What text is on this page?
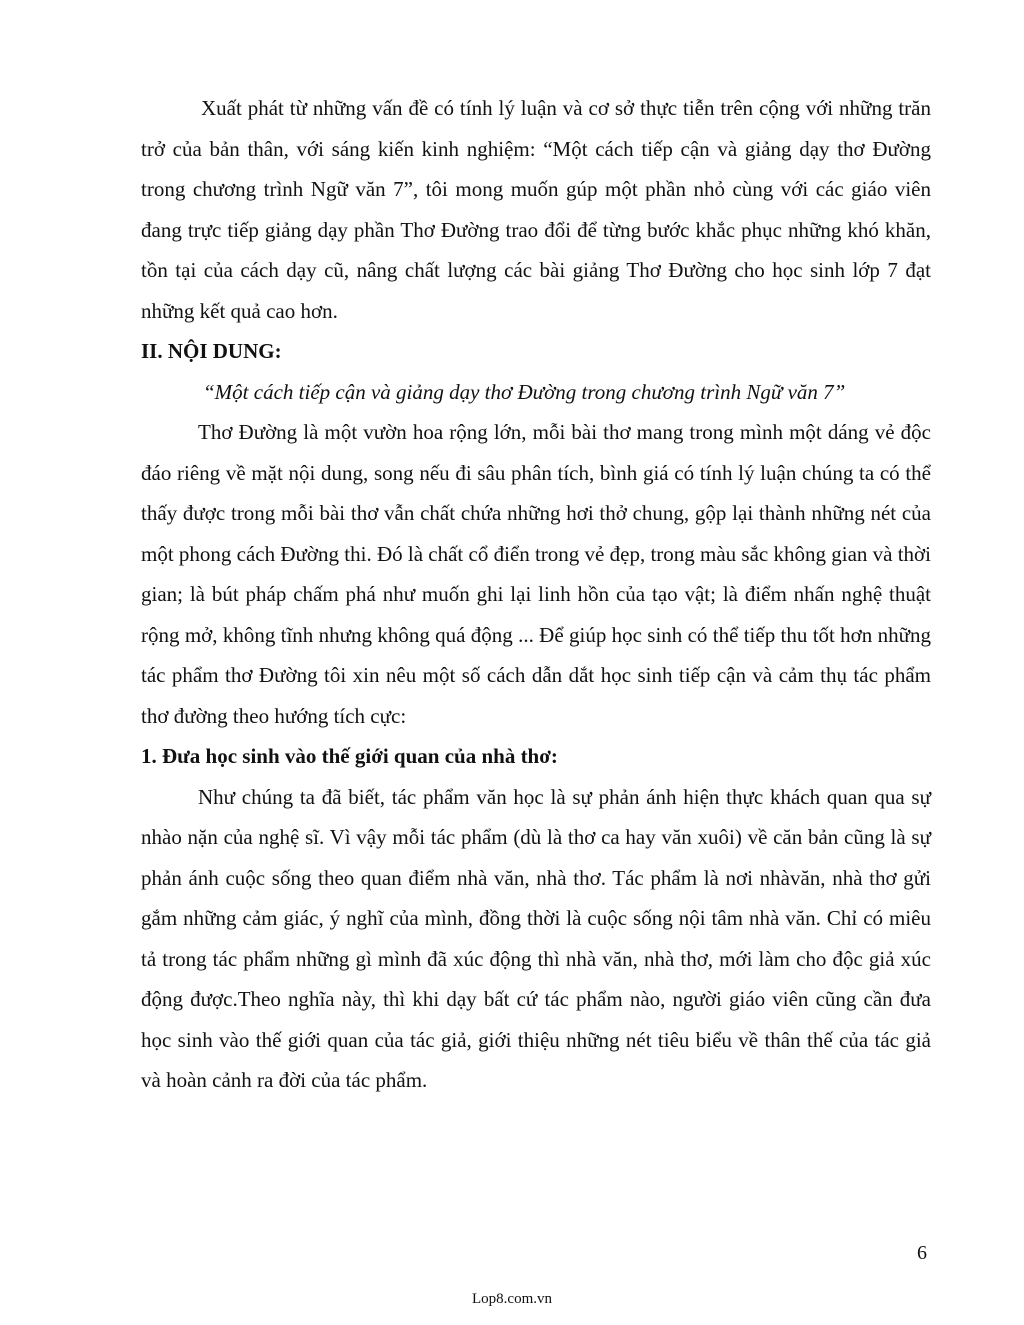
Xuất phát từ những vấn đề có tính lý luận và cơ sở thực tiễn trên cộng với những trăn trở của bản thân, với sáng kiến kinh nghiệm: “Một cách tiếp cận và giảng dạy thơ Đường trong chương trình Ngữ văn 7”, tôi mong muốn gúp một phần nhỏ cùng với các giáo viên đang trực tiếp giảng dạy phần Thơ Đường trao đổi để từng bước khắc phục những khó khăn, tồn tại của cách dạy cũ, nâng chất lượng các bài giảng Thơ Đường cho học sinh lớp 7 đạt những kết quả cao hơn.

II. NỘI DUNG:

“Một cách tiếp cận và giảng dạy thơ Đường trong chương trình Ngữ văn 7”

Thơ Đường là một vườn hoa rộng lớn, mỗi bài thơ mang trong mình một dáng vẻ độc đáo riêng về mặt nội dung, song nếu đi sâu phân tích, bình giá có tính lý luận chúng ta có thể thấy được trong mỗi bài thơ vẫn chất chứa những hơi thở chung, gộp lại thành những nét của một phong cách Đường thi. Đó là chất cổ điển trong vẻ đẹp, trong màu sắc không gian và thời gian; là bút pháp chấm phá như muốn ghi lại linh hồn của tạo vật; là điểm nhấn nghệ thuật rộng mở, không tĩnh nhưng không quá động ... Để giúp học sinh có thể tiếp thu tốt hơn những tác phẩm thơ Đường tôi xin nêu một số cách dẫn dắt học sinh tiếp cận và cảm thụ tác phẩm thơ đường theo hướng tích cực:

1. Đưa học sinh vào thế giới quan của nhà thơ:

Như chúng ta đã biết, tác phẩm văn học là sự phản ánh hiện thực khách quan qua sự nhào nặn của nghệ sĩ. Vì vậy mỗi tác phẩm (dù là thơ ca hay văn xuôi) về căn bản cũng là sự phản ánh cuộc sống theo quan điểm nhà văn, nhà thơ. Tác phẩm là nơi nhàvăn, nhà thơ gửi gắm những cảm giác, ý nghĩ của mình, đồng thời là cuộc sống nội tâm nhà văn. Chỉ có miêu tả trong tác phẩm những gì mình đã xúc động thì nhà văn, nhà thơ, mới làm cho độc giả xúc động được.Theo nghĩa này, thì khi dạy bất cứ tác phẩm nào, người giáo viên cũng cần đưa học sinh vào thế giới quan của tác giả, giới thiệu những nét tiêu biểu về thân thế của tác giả và hoàn cảnh ra đời của tác phẩm.

6
Lop8.com.vn
